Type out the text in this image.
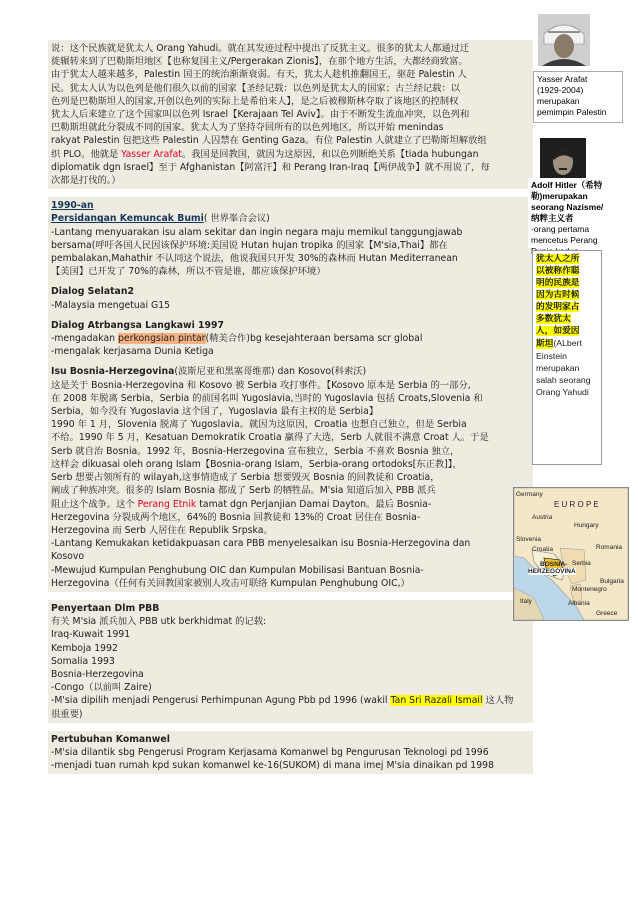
说：这个民族就是犹太人 Orang Yahudi。就在其发迹过程中提出了反犹主义。很多的犹太人都通过迁

徙辗转来到了巴勒斯坦地区【也称复国主义/Pergerakan Zionis】，在那个地方生活，大都经商致富。

由于犹太人越来越多，Palestin 国王的统治渐渐衰弱。有天，犹太人趁机推翻国王，驱赶 Palestin 人

民。犹太人认为以色列是他们很久以前的国家【圣经记载：以色列是犹太人的国家；古兰经记载：以

色列是巴勒斯坦人的国家,开创以色列的实际上是希伯来人】，是之后被穆斯林夺取了该地区的控制权

犹太人后来建立了这个国家叫以色列 Israel【Kerajaan Tel Aviv】。由于不断发生流血冲突，以色列和

巴勒斯坦就此分裂成不同的国家。犹太人为了坚持夺回所有的以色列地区，所以开始 menindas

rakyat Palestin 包把这些 Palestin 人囚禁在 Genting Gaza。有位 Palestin 人就建立了巴勒斯坦解放组

织 PLO。他就是 Yasser Arafat。我国是回教国，就因为这原因，和以色列断绝关系【tiada hubungan

diplomatik dgn Israel】至于 Afghanistan【阿富汗】和 Perang Iran-Iraq【两伊战争】就不用说了，每

次都是打伐的。）

1990-an

Persidangan Kemuncak Bumi( 世界峯合会议)

-Lantang menyuarakan isu alam sekitar dan ingin negara maju memikul tanggungjawab

bersama(呼吁各国人民因该保护环境:美国说 Hutan hujan tropika 的国家【M'sia,Thai】都在

pembalakan,Mahathir 不认同这个说法，他说我国只开发 30%的森林而 Hutan Mediterranean

【美国】已开发了 70%的森林，所以不管是谁，都应该保护环境）

Dialog Selatan2

-Malaysia mengetuai G15

Dialog Atrbangsa Langkawi 1997

-mengadakan perkongsian pintar(精美合作)bg kesejahteraan bersama scr global

-mengalak kerjasama Dunia Ketiga

Isu Bosnia-Herzegovina(波斯尼亚和黑塞哥维那) dan Kosovo(科索沃)

这是关于 Bosnia-Herzegovina 和 Kosovo 被 Serbia 攻打事件。【Kosovo 原本是 Serbia 的一部分,

在 2008 年脱离 Serbia，Serbia 的前国名叫 Yugoslavia,当时的 Yugoslavia 包括 Croats,Slovenia 和

Serbia，如今没有 Yugoslavia 这个国了，Yugoslavia 最有主权的是 Serbia】

1990 年 1 月，Slovenia 脱离了 Yugoslavia。就因为这原因，Croatia 也想自己独立，但是 Serbia

不给。1990 年 5 月，Kesatuan Demokratik Croatia 赢得了大选，Serb 人就很不满意 Croat 人。于是

Serb 就自治 Bosnia。1992 年，Bosnia-Herzegovina 宣布独立，Serbia 不喜欢 Bosnia 独立，

这样会 dikuasai oleh orang Islam【Bosnia-orang Islam，Serbia-orang ortodoks[东正教]】，

Serb 想要占领所有的 wilayah,这事情造成了 Serbia 想要毁灭 Bosnia 的回教徒和 Croatia，

阐成了种族冲突。很多的 Islam Bosnia 都成了 Serb 的牺牲品。M'sia 知道后加入 PBB 派兵

阻止这个战争。这个 Perang Etnik tamat dgn Perjanjian Damai Dayton。最后 Bosnia-

Herzegovina 分裂成两个地区，64%的 Bosnia 回教徒和 13%的 Croat 居住在 Bosnia-

Herzegovina 而 Serb 人居住在 Republik Srpska。

-Lantang Kemukakan ketidakpuasan cara PBB menyelesaikan isu Bosnia-Herzegovina dan

Kosovo

-Mewujud Kumpulan Penghubung OIC dan Kumpulan Mobilisasi Bantuan Bosnia-

Herzegovina（任何有关回教国家被别人攻击可联络 Kumpulan Penghubung OIC,）

Penyertaan Dlm PBB

有关 M'sia 派兵加入 PBB utk berkhidmat 的记载:

Iraq-Kuwait 1991

Kemboja 1992

Somalia 1993

Bosnia-Herzegovina

-Congo（以前叫 Zaire)

-M'sia dipilih menjadi Pengerusi Perhimpunan Agung Pbb pd 1996 (wakil Tan Sri Razali Ismail 这人物

很重要)

Pertubuhan Komanwel

-M'sia dilantik sbg Pengerusi Program Kerjasama Komanwel bg Pengurusan Teknologi pd 1996

-menjadi tuan rumah kpd sukan komanwel ke-16(SUKOM) di mana imej M'sia dinaikan pd 1998

Yasser Arafat
(1929-2004)
merupakan
pemimpin Palestin
Adolf Hitler（希特
勒)merupakan
seorang Nazisme/
纳粹主义者
-orang pertama
mencetus Perang
犹太人之所
以被称作聪
明的民族是
因为古时候
的发明家占
多数犹太
人，如爱因
斯坦(ALbert
Einstein
merupakan
salah seorang
Orang Yahudi
E U R O P E
Germany
Austria
Hungary
Slovenia
Croatia	Romania
BOSNIA-
HERZEGOVINA
Serbia
Bulgaria
Montenegro
Albania
Italy
Greece
